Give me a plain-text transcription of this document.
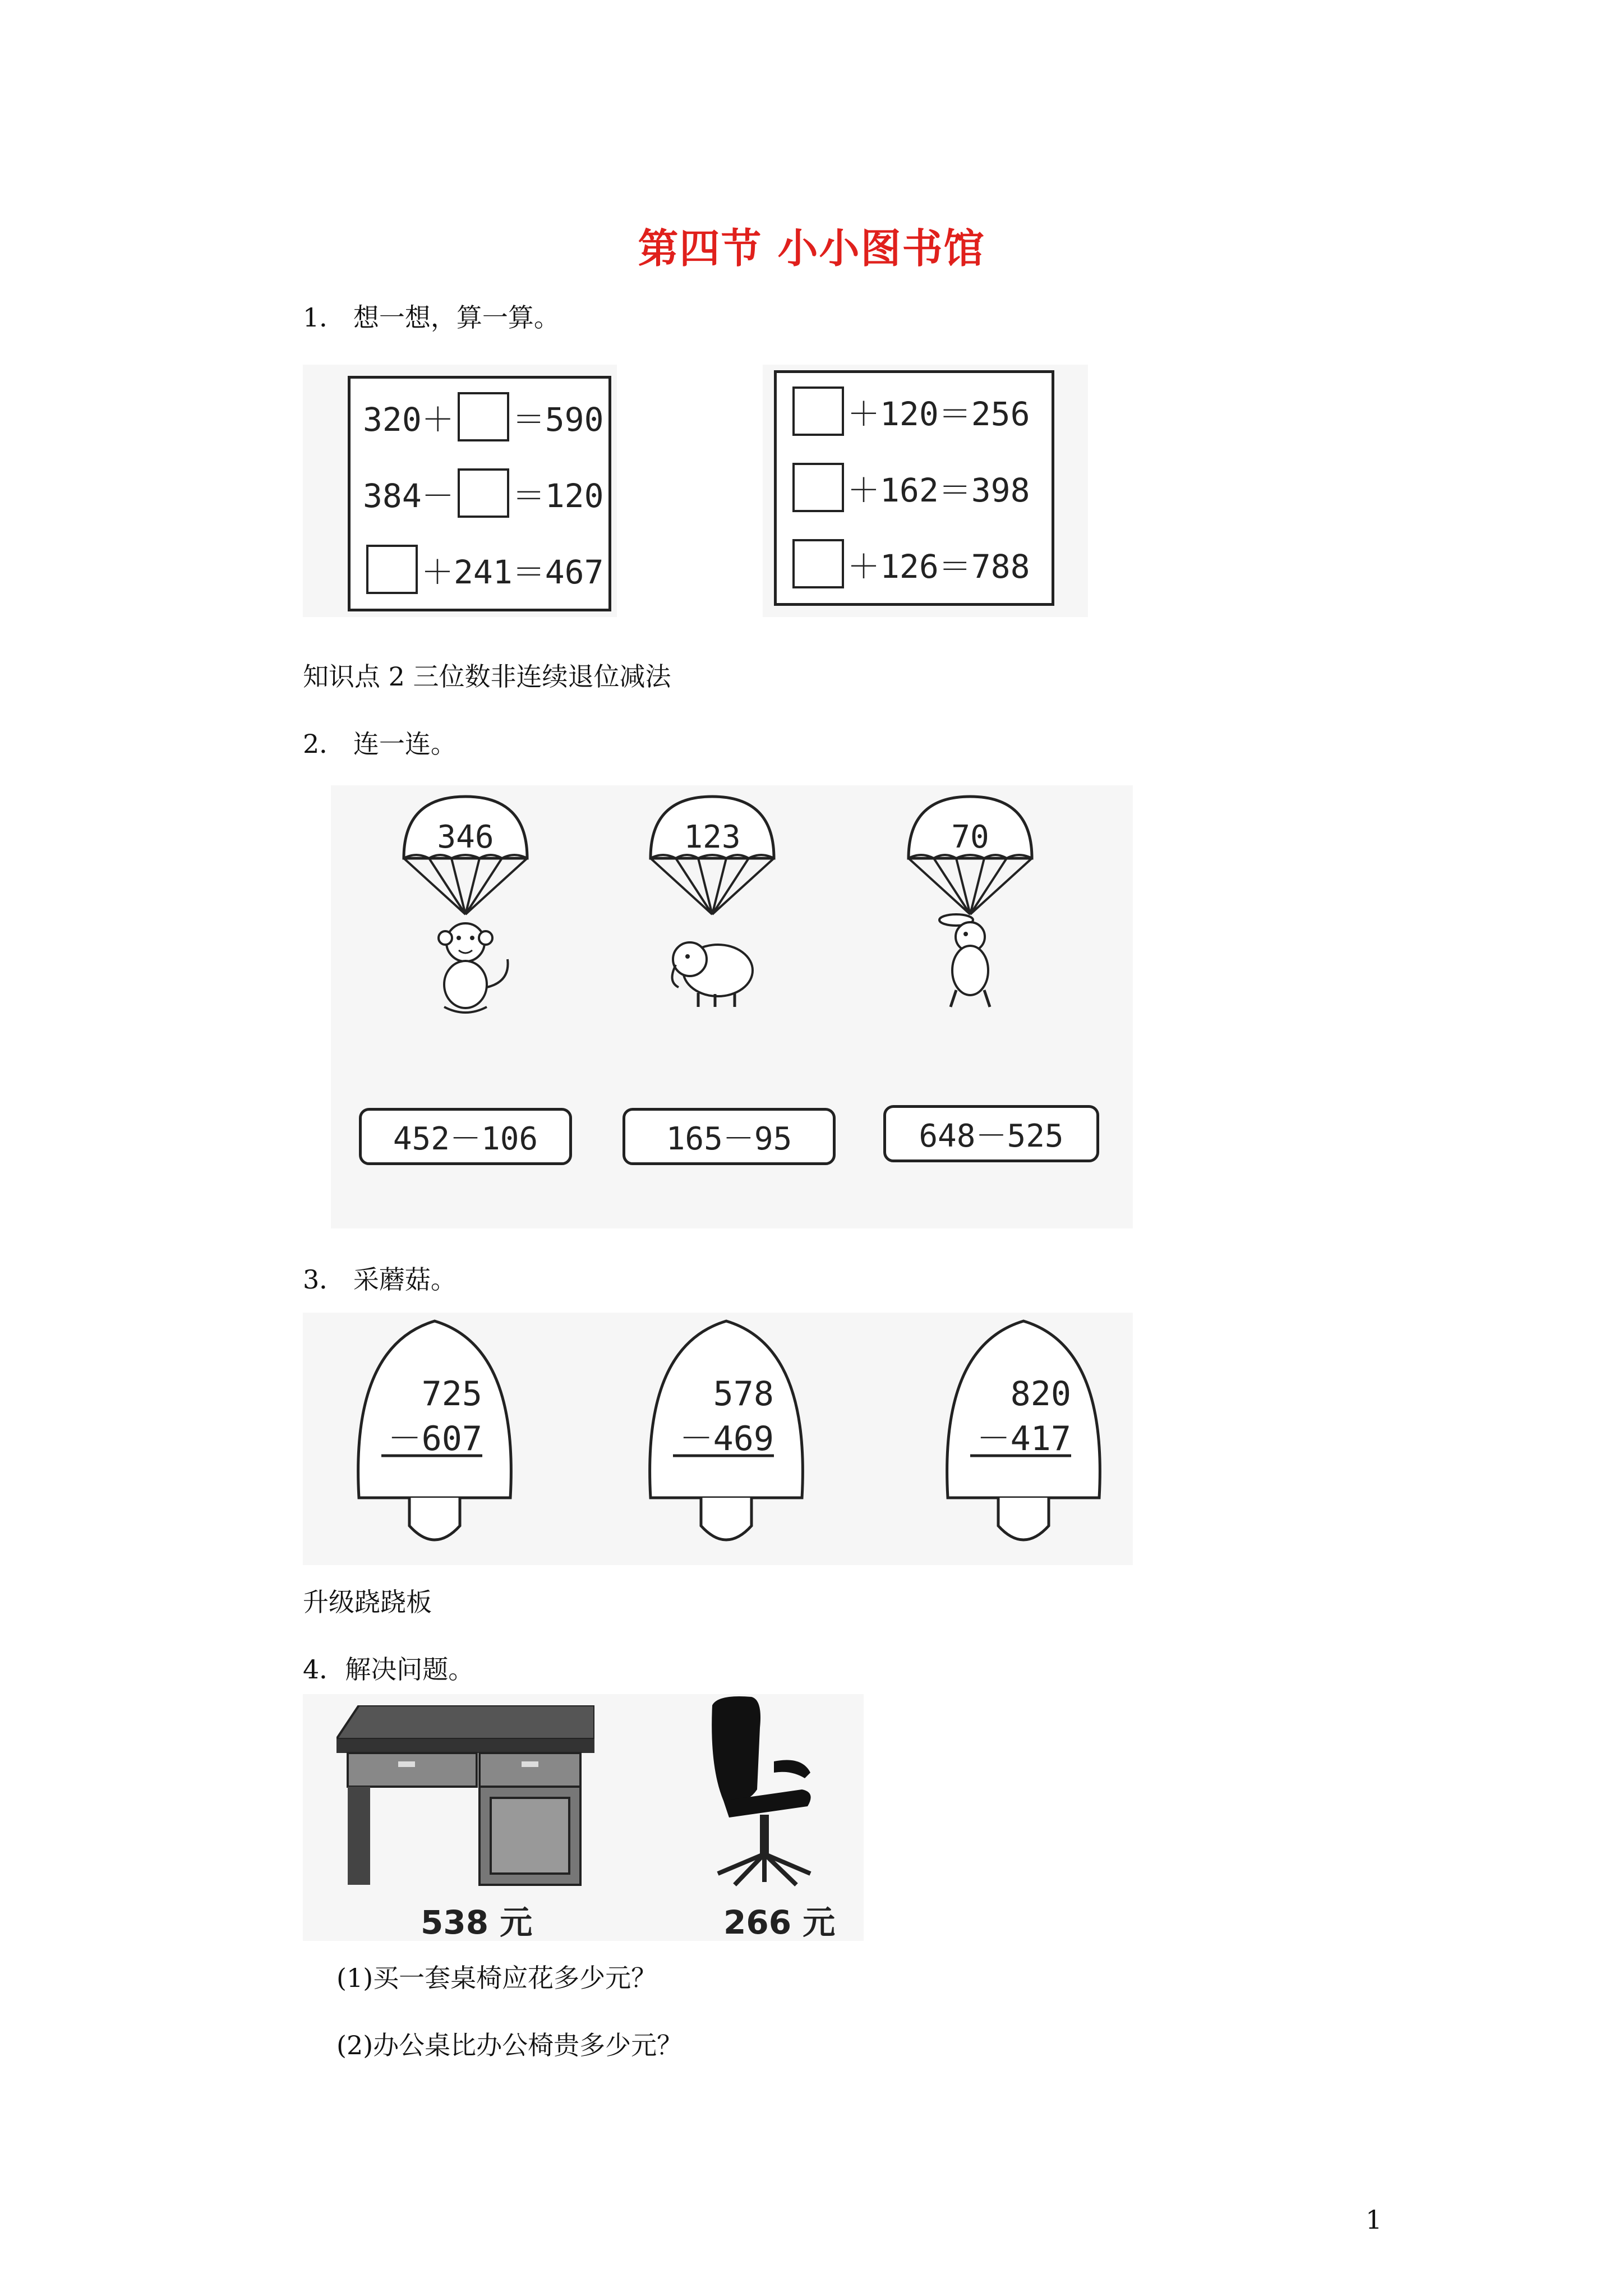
第四节 小小图书馆
1． 想一想，算一算。
320＋ ＝590
384－ ＝120
＋241＝467
＋120＝256
＋162＝398
＋126＝788
知识点 2 三位数非连续退位减法
2． 连一连。
346	123	70
452－106	165－95	648－525
3． 采蘑菇。
725
－607
578
－469
820
－417
升级跷跷板
4．解决问题。
538 元	266 元
(1)买一套桌椅应花多少元？
(2)办公桌比办公椅贵多少元？
1
